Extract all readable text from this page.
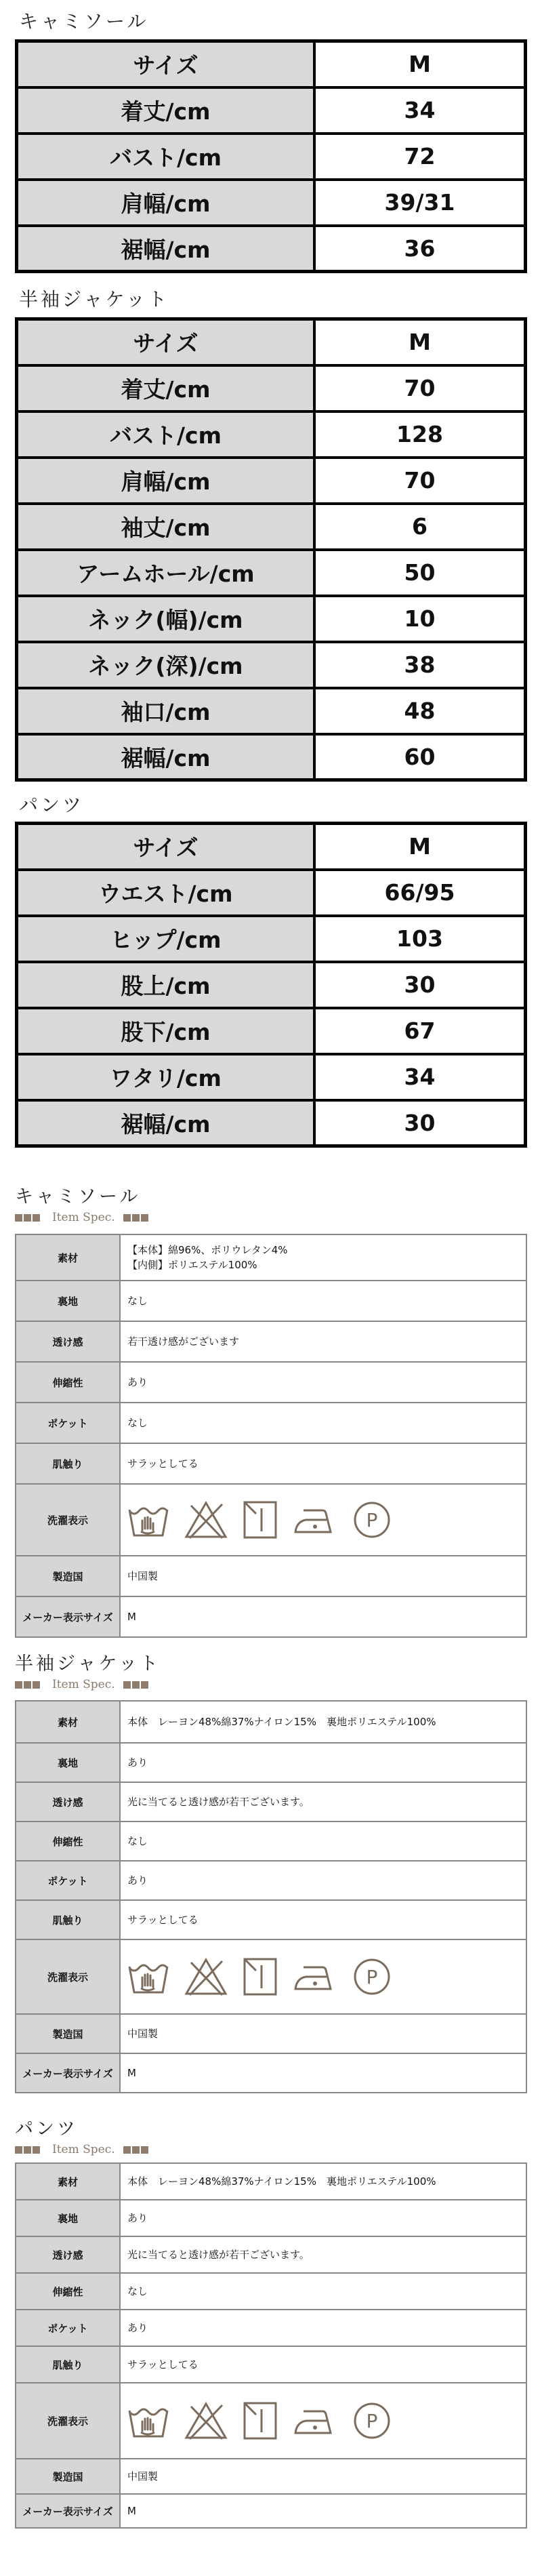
キャミソール
サイズ	M
着丈/cm	34
バスト/cm	72
肩幅/cm	39/31
裾幅/cm	36
半袖ジャケット
サイズ	M
着丈/cm	70
バスト/cm	128
肩幅/cm	70
袖丈/cm	6
アームホール/cm	50
ネック(幅)/cm	10
ネック(深)/cm	38
袖口/cm	48
裾幅/cm	60
パンツ
サイズ	M
ウエスト/cm	66/95
ヒップ/cm	103
股上/cm	30
股下/cm	67
ワタリ/cm	34
裾幅/cm	30
キャミソール
Item Spec.
素材	【本体】綿96%、ポリウレタン4%
【内側】ポリエステル100%
裏地	なし
透け感	若干透け感がございます
伸縮性	あり
ポケット	なし
肌触り	サラッとしてる
洗濯表示	P

製造国	中国製
メーカー表示サイズ	M
半袖ジャケット
Item Spec.
素材	本体　レーヨン48%綿37%ナイロン15%　裏地ポリエステル100%
裏地	あり
透け感	光に当てると透け感が若干ございます。
伸縮性	なし
ポケット	あり
肌触り	サラッとしてる
洗濯表示	P

製造国	中国製
メーカー表示サイズ	M
パンツ
Item Spec.
素材	本体　レーヨン48%綿37%ナイロン15%　裏地ポリエステル100%
裏地	あり
透け感	光に当てると透け感が若干ございます。
伸縮性	なし
ポケット	あり
肌触り	サラッとしてる
洗濯表示	P

製造国	中国製
メーカー表示サイズ	M
